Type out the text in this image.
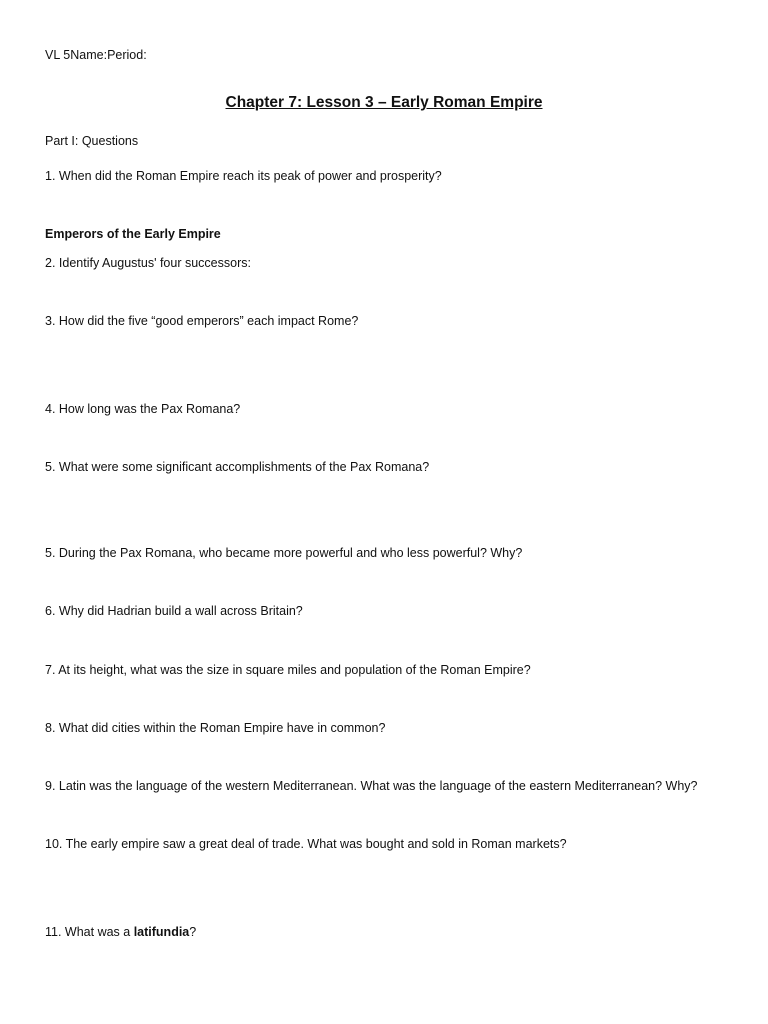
VL 5Name:Period:
Chapter 7: Lesson 3 – Early Roman Empire
Part I: Questions
1. When did the Roman Empire reach its peak of power and prosperity?
Emperors of the Early Empire
2. Identify Augustus' four successors:
3. How did the five “good emperors” each impact Rome?
4. How long was the Pax Romana?
5. What were some significant accomplishments of the Pax Romana?
5. During the Pax Romana, who became more powerful and who less powerful? Why?
6. Why did Hadrian build a wall across Britain?
7. At its height, what was the size in square miles and population of the Roman Empire?
8. What did cities within the Roman Empire have in common?
9. Latin was the language of the western Mediterranean. What was the language of the eastern Mediterranean? Why?
10. The early empire saw a great deal of trade. What was bought and sold in Roman markets?
11. What was a latifundia?
